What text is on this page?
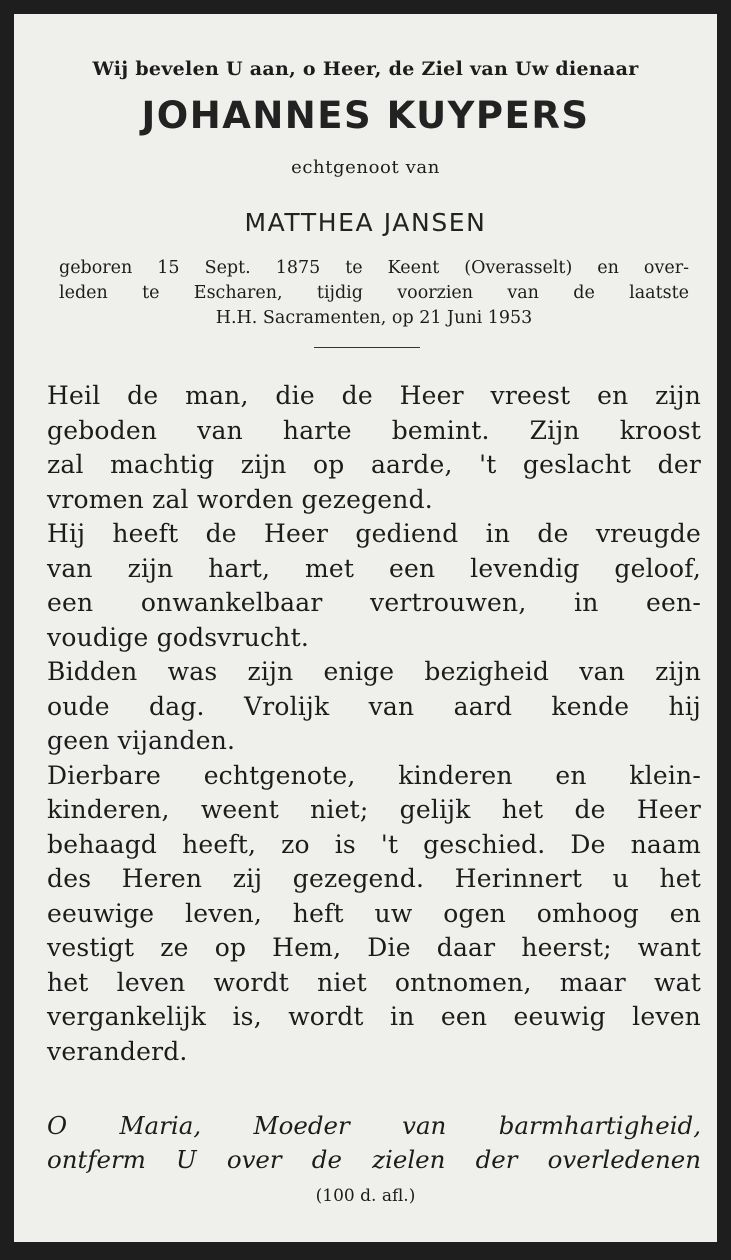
Wij bevelen U aan, o Heer, de Ziel van Uw dienaar
JOHANNES KUYPERS
echtgenoot van
MATTHEA JANSEN
geboren 15 Sept. 1875 te Keent (Overasselt) en over-
leden te Escharen, tijdig voorzien van de laatste
H.H. Sacramenten, op 21 Juni 1953
Heil de man, die de Heer vreest en zijn
geboden van harte bemint. Zijn kroost
zal machtig zijn op aarde, 't geslacht der
vromen zal worden gezegend.
Hij heeft de Heer gediend in de vreugde
van zijn hart, met een levendig geloof,
een onwankelbaar vertrouwen, in een-
voudige godsvrucht.
Bidden was zijn enige bezigheid van zijn
oude dag. Vrolijk van aard kende hij
geen vijanden.
Dierbare echtgenote, kinderen en klein-
kinderen, weent niet; gelijk het de Heer
behaagd heeft, zo is 't geschied. De naam
des Heren zij gezegend. Herinnert u het
eeuwige leven, heft uw ogen omhoog en
vestigt ze op Hem, Die daar heerst; want
het leven wordt niet ontnomen, maar wat
vergankelijk is, wordt in een eeuwig leven
veranderd.
O Maria, Moeder van barmhartigheid,
ontferm U over de zielen der overledenen
(100 d. afl.)
